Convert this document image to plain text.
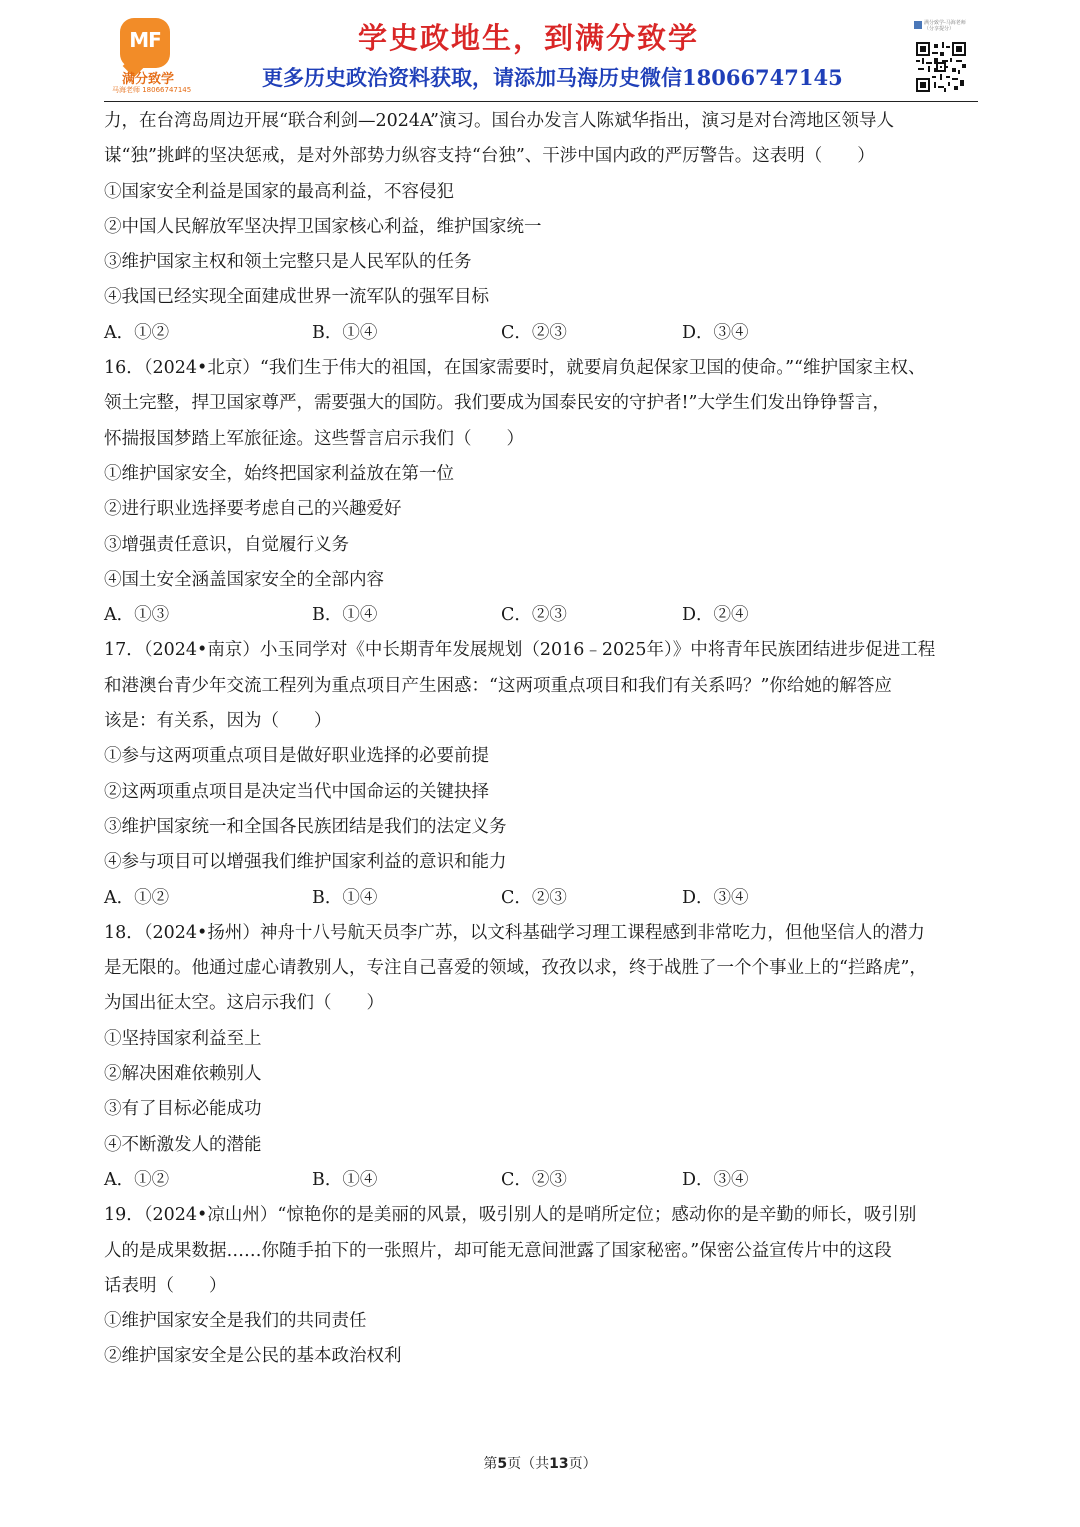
MF
满分致学
马海老师 18066747145
学史政地生，到满分致学
更多历史政治资料获取，请添加马海历史微信18066747145
满分致学-马海老师（分享提分）
力，在台湾岛周边开展“联合利剑—2024A”演习。国台办发言人陈斌华指出，演习是对台湾地区领导人
谋“独”挑衅的坚决惩戒，是对外部势力纵容支持“台独”、干涉中国内政的严厉警告。这表明（　　）
①国家安全利益是国家的最高利益，不容侵犯
②中国人民解放军坚决捍卫国家核心利益，维护国家统一
③维护国家主权和领土完整只是人民军队的任务
④我国已经实现全面建成世界一流军队的强军目标
A．①②	B．①④	C．②③	D．③④
16．（2024•北京）“我们生于伟大的祖国，在国家需要时，就要肩负起保家卫国的使命。”“维护国家主权、
领土完整，捍卫国家尊严，需要强大的国防。我们要成为国泰民安的守护者!”大学生们发出铮铮誓言，
怀揣报国梦踏上军旅征途。这些誓言启示我们（　　）
①维护国家安全，始终把国家利益放在第一位
②进行职业选择要考虑自己的兴趣爱好
③增强责任意识，自觉履行义务
④国土安全涵盖国家安全的全部内容
A．①③	B．①④	C．②③	D．②④
17．（2024•南京）小玉同学对《中长期青年发展规划（2016﹣2025年）》中将青年民族团结进步促进工程
和港澳台青少年交流工程列为重点项目产生困惑：“这两项重点项目和我们有关系吗？”你给她的解答应
该是：有关系，因为（　　）
①参与这两项重点项目是做好职业选择的必要前提
②这两项重点项目是决定当代中国命运的关键抉择
③维护国家统一和全国各民族团结是我们的法定义务
④参与项目可以增强我们维护国家利益的意识和能力
A．①②	B．①④	C．②③	D．③④
18．（2024•扬州）神舟十八号航天员李广苏，以文科基础学习理工课程感到非常吃力，但他坚信人的潜力
是无限的。他通过虚心请教别人，专注自己喜爱的领域，孜孜以求，终于战胜了一个个事业上的“拦路虎”，
为国出征太空。这启示我们（　　）
①坚持国家利益至上
②解决困难依赖别人
③有了目标必能成功
④不断激发人的潜能
A．①②	B．①④	C．②③	D．③④
19．（2024•凉山州）“惊艳你的是美丽的风景，吸引别人的是哨所定位；感动你的是辛勤的师长，吸引别
人的是成果数据……你随手拍下的一张照片，却可能无意间泄露了国家秘密。”保密公益宣传片中的这段
话表明（　　）
①维护国家安全是我们的共同责任
②维护国家安全是公民的基本政治权利
第5页（共13页）
